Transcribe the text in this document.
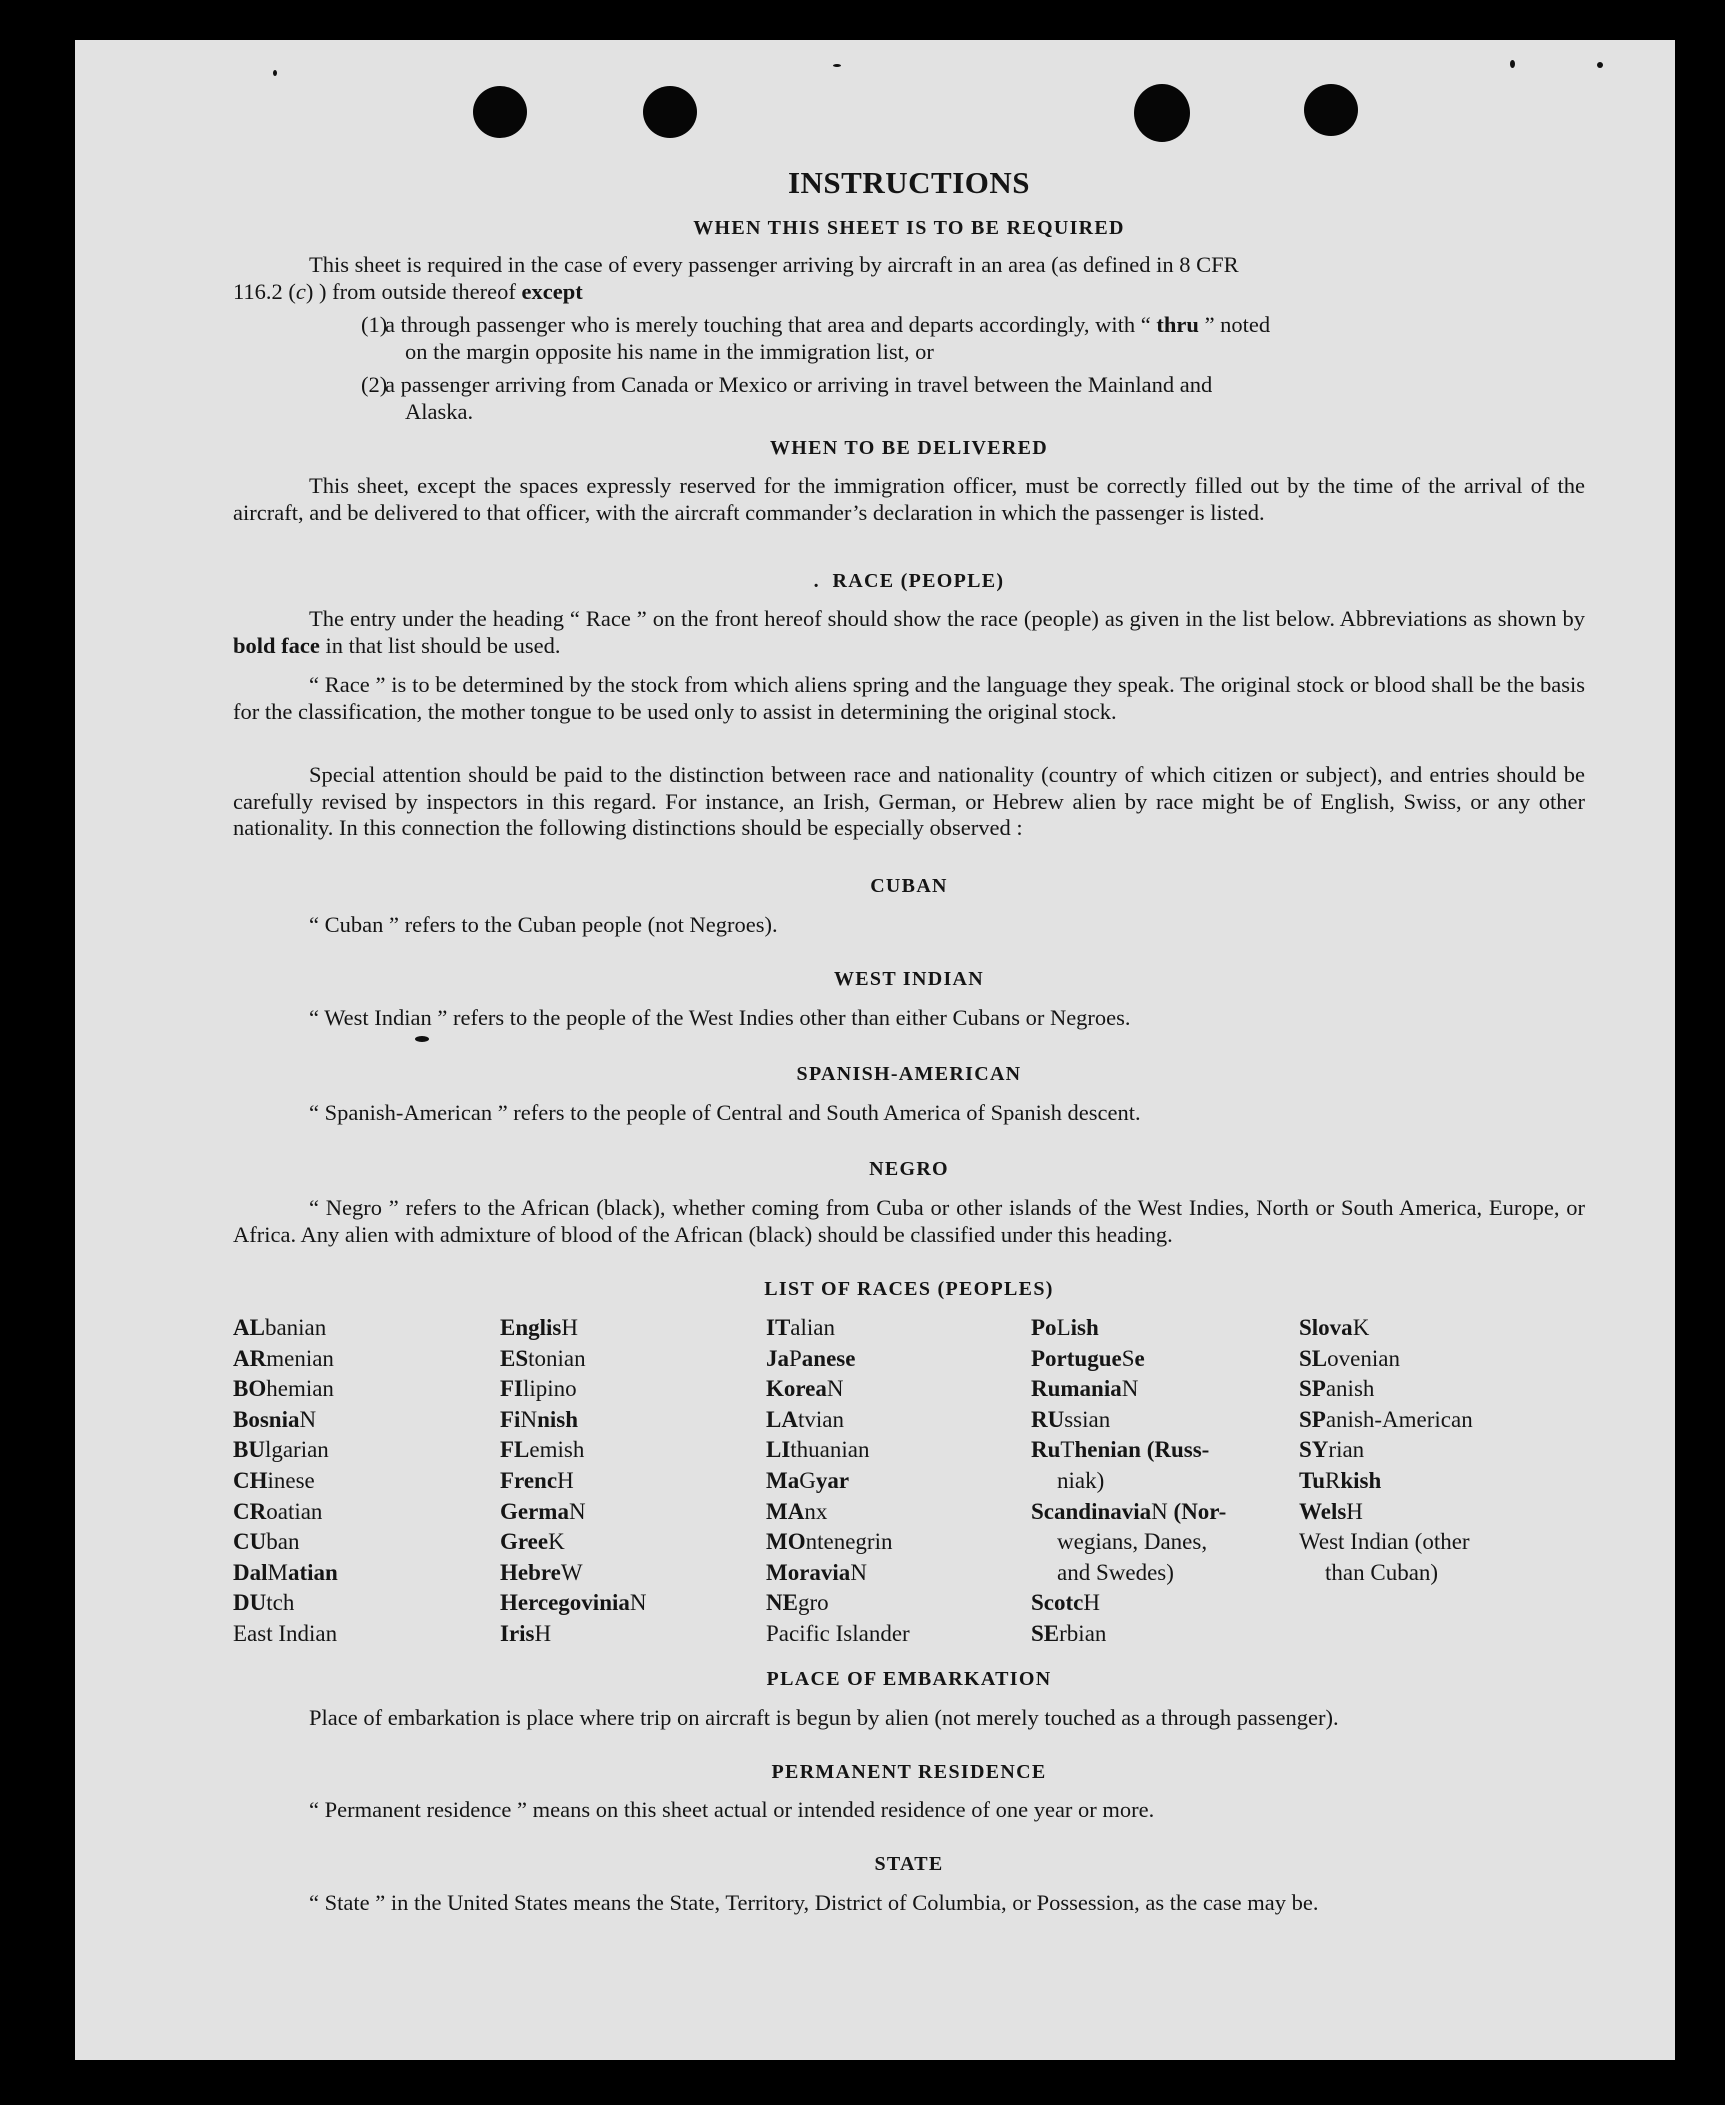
INSTRUCTIONS
WHEN THIS SHEET IS TO BE REQUIRED
This sheet is required in the case of every passenger arriving by aircraft in an area (as defined in 8 CFR
116.2 (c) ) from outside thereof except
(1)
a through passenger who is merely touching that area and departs accordingly, with “ thru ” noted
on the margin opposite his name in the immigration list, or
(2)
a passenger arriving from Canada or Mexico or arriving in travel between the Mainland and
Alaska.
WHEN TO BE DELIVERED
This sheet, except the spaces expressly reserved for the immigration officer, must be correctly filled out by the time of the arrival of the aircraft, and be delivered to that officer, with the aircraft commander’s declaration in which the passenger is listed.
.  RACE (PEOPLE)
The entry under the heading “ Race ” on the front hereof should show the race (people) as given in the list below. Abbreviations as shown by bold face in that list should be used.
“ Race ” is to be determined by the stock from which aliens spring and the language they speak. The original stock or blood shall be the basis for the classification, the mother tongue to be used only to assist in determining the original stock.
Special attention should be paid to the distinction between race and nationality (country of which citizen or subject), and entries should be carefully revised by inspectors in this regard. For instance, an Irish, German, or Hebrew alien by race might be of English, Swiss, or any other nationality. In this connection the following distinctions should be especially observed :
CUBAN
“ Cuban ” refers to the Cuban people (not Negroes).
WEST INDIAN
“ West Indian ” refers to the people of the West Indies other than either Cubans or Negroes.
SPANISH-AMERICAN
“ Spanish-American ” refers to the people of Central and South America of Spanish descent.
NEGRO
“ Negro ” refers to the African (black), whether coming from Cuba or other islands of the West Indies, North or South America, Europe, or Africa. Any alien with admixture of blood of the African (black) should be classified under this heading.
LIST OF RACES (PEOPLES)
ALbanian
ARmenian
BOhemian
BosniaN
BUlgarian
CHinese
CRoatian
CUban
DalMatian
DUtch
East Indian
EnglisH
EStonian
FIlipino
FiNnish
FLemish
FrencH
GermaN
GreeK
HebreW
HercegoviniaN
IrisH
ITalian
JaPanese
KoreaN
LAtvian
LIthuanian
MaGyar
MAnx
MOntenegrin
MoraviaN
NEgro
Pacific Islander
PoLish
PortugueSe
RumaniaN
RUssian
RuThenian (Russ-
niak)
ScandinaviaN (Nor-
wegians, Danes,
and Swedes)
ScotcH
SErbian
SlovaK
SLovenian
SPanish
SPanish-American
SYrian
TuRkish
WelsH
West Indian (other
than Cuban)
PLACE OF EMBARKATION
Place of embarkation is place where trip on aircraft is begun by alien (not merely touched as a through passenger).
PERMANENT RESIDENCE
“ Permanent residence ” means on this sheet actual or intended residence of one year or more.
STATE
“ State ” in the United States means the State, Territory, District of Columbia, or Possession, as the case may be.
